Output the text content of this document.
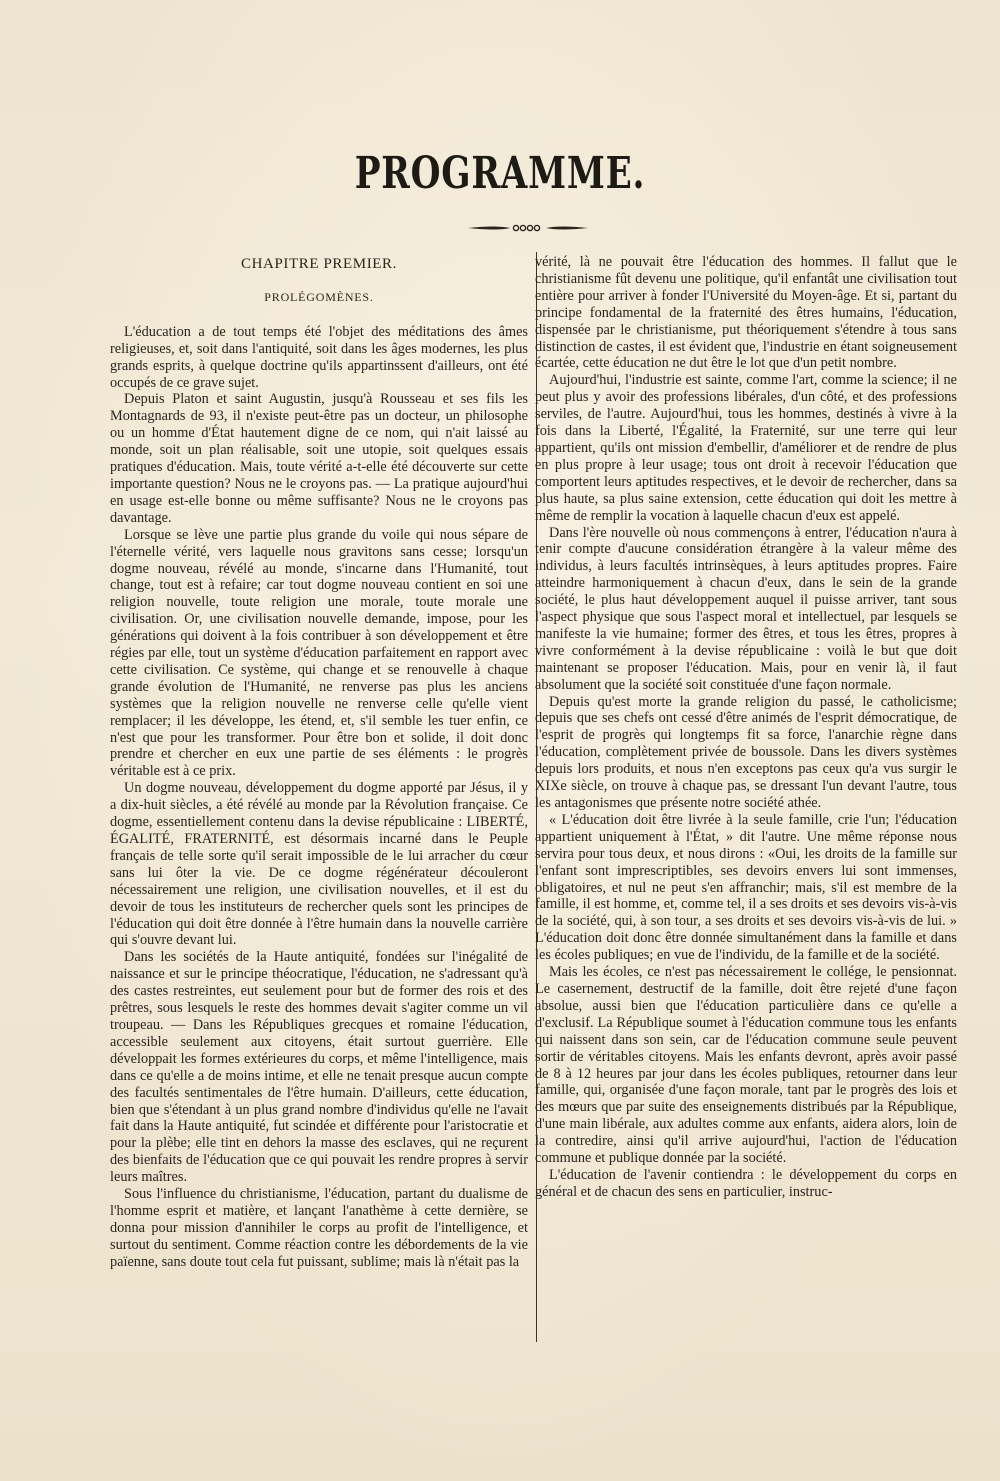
PROGRAMME.

CHAPITRE PREMIER.

PROLÉGOMÈNES.

L'éducation a de tout temps été l'objet des méditations des âmes religieuses, et, soit dans l'antiquité, soit dans les âges modernes, les plus grands esprits, à quelque doctrine qu'ils appartinssent d'ailleurs, ont été occupés de ce grave sujet.

Depuis Platon et saint Augustin, jusqu'à Rousseau et ses fils les Montagnards de 93, il n'existe peut-être pas un docteur, un philosophe ou un homme d'État hautement digne de ce nom, qui n'ait laissé au monde, soit un plan réalisable, soit une utopie, soit quelques essais pratiques d'éducation. Mais, toute vérité a-t-elle été découverte sur cette importante question? Nous ne le croyons pas. — La pratique aujourd'hui en usage est-elle bonne ou même suffisante? Nous ne le croyons pas davantage.

Lorsque se lève une partie plus grande du voile qui nous sépare de l'éternelle vérité, vers laquelle nous gravitons sans cesse; lorsqu'un dogme nouveau, révélé au monde, s'incarne dans l'Humanité, tout change, tout est à refaire; car tout dogme nouveau contient en soi une religion nouvelle, toute religion une morale, toute morale une civilisation. Or, une civilisation nouvelle demande, impose, pour les générations qui doivent à la fois contribuer à son développement et être régies par elle, tout un système d'éducation parfaitement en rapport avec cette civilisation. Ce système, qui change et se renouvelle à chaque grande évolution de l'Humanité, ne renverse pas plus les anciens systèmes que la religion nouvelle ne renverse celle qu'elle vient remplacer; il les développe, les étend, et, s'il semble les tuer enfin, ce n'est que pour les transformer. Pour être bon et solide, il doit donc prendre et chercher en eux une partie de ses éléments : le progrès véritable est à ce prix.

Un dogme nouveau, développement du dogme apporté par Jésus, il y a dix-huit siècles, a été révélé au monde par la Révolution française. Ce dogme, essentiellement contenu dans la devise républicaine : LIBERTÉ, ÉGALITÉ, FRATERNITÉ, est désormais incarné dans le Peuple français de telle sorte qu'il serait impossible de le lui arracher du cœur sans lui ôter la vie. De ce dogme régénérateur découleront nécessairement une religion, une civilisation nouvelles, et il est du devoir de tous les instituteurs de rechercher quels sont les principes de l'éducation qui doit être donnée à l'être humain dans la nouvelle carrière qui s'ouvre devant lui.

Dans les sociétés de la Haute antiquité, fondées sur l'inégalité de naissance et sur le principe théocratique, l'éducation, ne s'adressant qu'à des castes restreintes, eut seulement pour but de former des rois et des prêtres, sous lesquels le reste des hommes devait s'agiter comme un vil troupeau. — Dans les Républiques grecques et romaine l'éducation, accessible seulement aux citoyens, était surtout guerrière. Elle développait les formes extérieures du corps, et même l'intelligence, mais dans ce qu'elle a de moins intime, et elle ne tenait presque aucun compte des facultés sentimentales de l'être humain. D'ailleurs, cette éducation, bien que s'étendant à un plus grand nombre d'individus qu'elle ne l'avait fait dans la Haute antiquité, fut scindée et différente pour l'aristocratie et pour la plèbe; elle tint en dehors la masse des esclaves, qui ne reçurent des bienfaits de l'éducation que ce qui pouvait les rendre propres à servir leurs maîtres.

Sous l'influence du christianisme, l'éducation, partant du dualisme de l'homme esprit et matière, et lançant l'anathème à cette dernière, se donna pour mission d'annihiler le corps au profit de l'intelligence, et surtout du sentiment. Comme réaction contre les débordements de la vie païenne, sans doute tout cela fut puissant, sublime; mais là n'était pas la

vérité, là ne pouvait être l'éducation des hommes. Il fallut que le christianisme fût devenu une politique, qu'il enfantât une civilisation tout entière pour arriver à fonder l'Université du Moyen-âge. Et si, partant du principe fondamental de la fraternité des êtres humains, l'éducation, dispensée par le christianisme, put théoriquement s'étendre à tous sans distinction de castes, il est évident que, l'industrie en étant soigneusement écartée, cette éducation ne dut être le lot que d'un petit nombre.

Aujourd'hui, l'industrie est sainte, comme l'art, comme la science; il ne peut plus y avoir des professions libérales, d'un côté, et des professions serviles, de l'autre. Aujourd'hui, tous les hommes, destinés à vivre à la fois dans la Liberté, l'Égalité, la Fraternité, sur une terre qui leur appartient, qu'ils ont mission d'embellir, d'améliorer et de rendre de plus en plus propre à leur usage; tous ont droit à recevoir l'éducation que comportent leurs aptitudes respectives, et le devoir de rechercher, dans sa plus haute, sa plus saine extension, cette éducation qui doit les mettre à même de remplir la vocation à laquelle chacun d'eux est appelé.

Dans l'ère nouvelle où nous commençons à entrer, l'éducation n'aura à tenir compte d'aucune considération étrangère à la valeur même des individus, à leurs facultés intrinsèques, à leurs aptitudes propres. Faire atteindre harmoniquement à chacun d'eux, dans le sein de la grande société, le plus haut développement auquel il puisse arriver, tant sous l'aspect physique que sous l'aspect moral et intellectuel, par lesquels se manifeste la vie humaine; former des êtres, et tous les êtres, propres à vivre conformément à la devise républicaine : voilà le but que doit maintenant se proposer l'éducation. Mais, pour en venir là, il faut absolument que la société soit constituée d'une façon normale.

Depuis qu'est morte la grande religion du passé, le catholicisme; depuis que ses chefs ont cessé d'être animés de l'esprit démocratique, de l'esprit de progrès qui longtemps fit sa force, l'anarchie règne dans l'éducation, complètement privée de boussole. Dans les divers systèmes depuis lors produits, et nous n'en exceptons pas ceux qu'a vus surgir le XIXe siècle, on trouve à chaque pas, se dressant l'un devant l'autre, tous les antagonismes que présente notre société athée.

« L'éducation doit être livrée à la seule famille, crie l'un; l'éducation appartient uniquement à l'État, » dit l'autre. Une même réponse nous servira pour tous deux, et nous dirons : «Oui, les droits de la famille sur l'enfant sont imprescriptibles, ses devoirs envers lui sont immenses, obligatoires, et nul ne peut s'en affranchir; mais, s'il est membre de la famille, il est homme, et, comme tel, il a ses droits et ses devoirs vis-à-vis de la société, qui, à son tour, a ses droits et ses devoirs vis-à-vis de lui. » L'éducation doit donc être donnée simultanément dans la famille et dans les écoles publiques; en vue de l'individu, de la famille et de la société.

Mais les écoles, ce n'est pas nécessairement le collége, le pensionnat. Le casernement, destructif de la famille, doit être rejeté d'une façon absolue, aussi bien que l'éducation particulière dans ce qu'elle a d'exclusif. La République soumet à l'éducation commune tous les enfants qui naissent dans son sein, car de l'éducation commune seule peuvent sortir de véritables citoyens. Mais les enfants devront, après avoir passé de 8 à 12 heures par jour dans les écoles publiques, retourner dans leur famille, qui, organisée d'une façon morale, tant par le progrès des lois et des mœurs que par suite des enseignements distribués par la République, d'une main libérale, aux adultes comme aux enfants, aidera alors, loin de la contredire, ainsi qu'il arrive aujourd'hui, l'action de l'éducation commune et publique donnée par la société.

L'éducation de l'avenir contiendra : le développement du corps en général et de chacun des sens en particulier, instruc-
